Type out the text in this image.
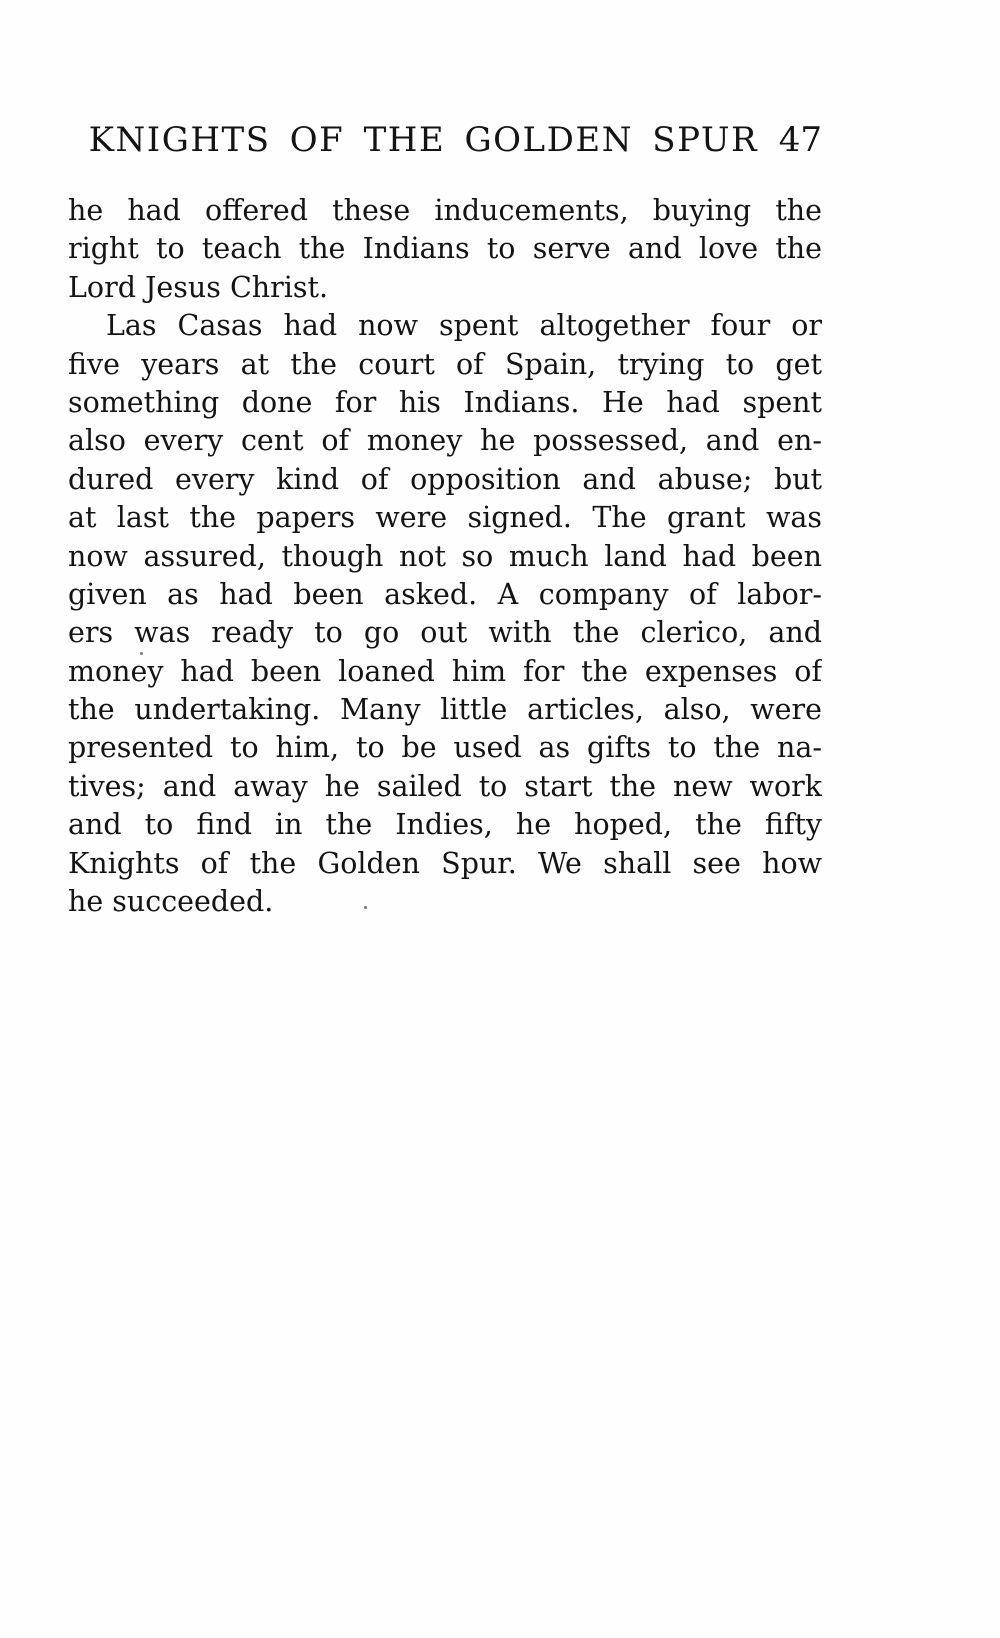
KNIGHTS OF THE GOLDEN SPUR 47
he had offered these inducements, buying the
right to teach the Indians to serve and love the
Lord Jesus Christ.
Las Casas had now spent altogether four or
five years at the court of Spain, trying to get
something done for his Indians. He had spent
also every cent of money he possessed, and en-
dured every kind of opposition and abuse; but
at last the papers were signed. The grant was
now assured, though not so much land had been
given as had been asked. A company of labor-
ers was ready to go out with the clerico, and
money had been loaned him for the expenses of
the undertaking. Many little articles, also, were
presented to him, to be used as gifts to the na-
tives; and away he sailed to start the new work
and to find in the Indies, he hoped, the fifty
Knights of the Golden Spur. We shall see how
he succeeded.
